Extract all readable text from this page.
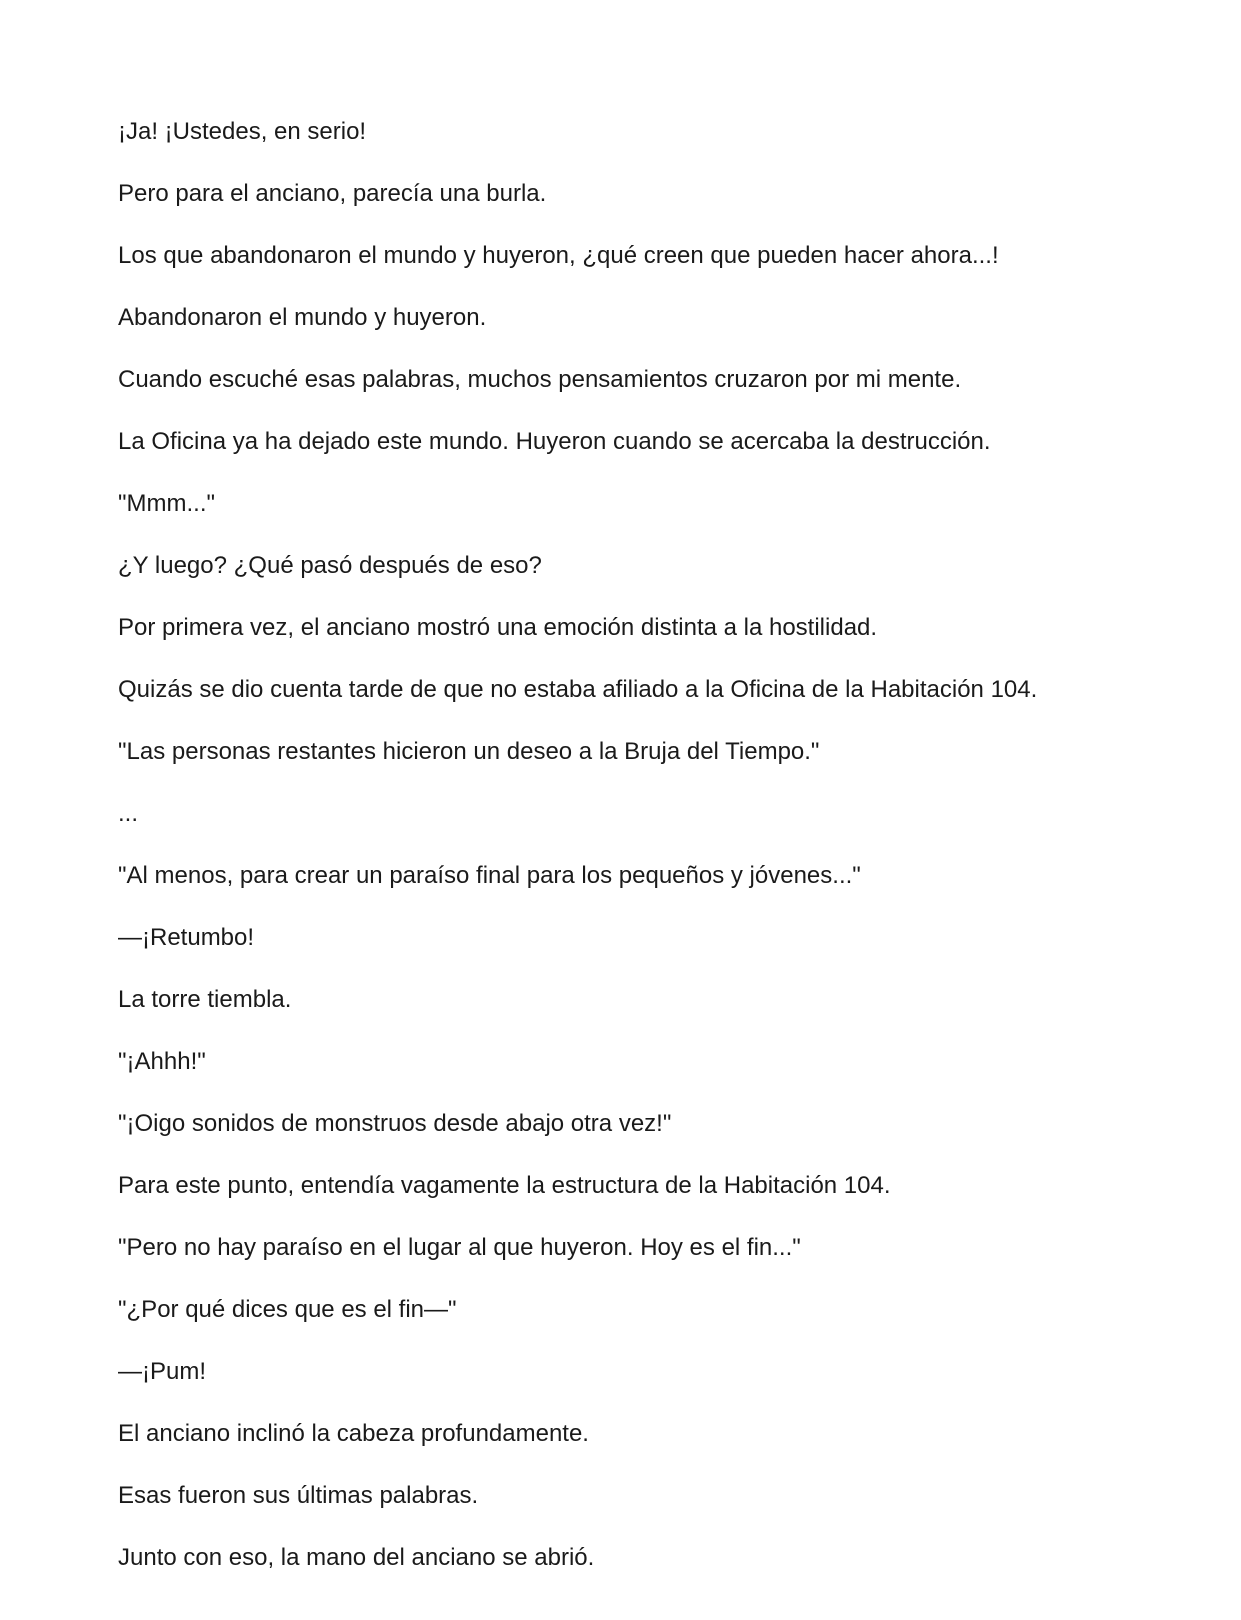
¡Ja! ¡Ustedes, en serio!

Pero para el anciano, parecía una burla.

Los que abandonaron el mundo y huyeron, ¿qué creen que pueden hacer ahora...!

Abandonaron el mundo y huyeron.

Cuando escuché esas palabras, muchos pensamientos cruzaron por mi mente.

La Oficina ya ha dejado este mundo. Huyeron cuando se acercaba la destrucción.

"Mmm..."

¿Y luego? ¿Qué pasó después de eso?

Por primera vez, el anciano mostró una emoción distinta a la hostilidad.

Quizás se dio cuenta tarde de que no estaba afiliado a la Oficina de la Habitación 104.

"Las personas restantes hicieron un deseo a la Bruja del Tiempo."

...

"Al menos, para crear un paraíso final para los pequeños y jóvenes..."

—¡Retumbo!

La torre tiembla.

"¡Ahhh!"

"¡Oigo sonidos de monstruos desde abajo otra vez!"

Para este punto, entendía vagamente la estructura de la Habitación 104.

"Pero no hay paraíso en el lugar al que huyeron. Hoy es el fin..."

"¿Por qué dices que es el fin—"

—¡Pum!

El anciano inclinó la cabeza profundamente.

Esas fueron sus últimas palabras.

Junto con eso, la mano del anciano se abrió.
